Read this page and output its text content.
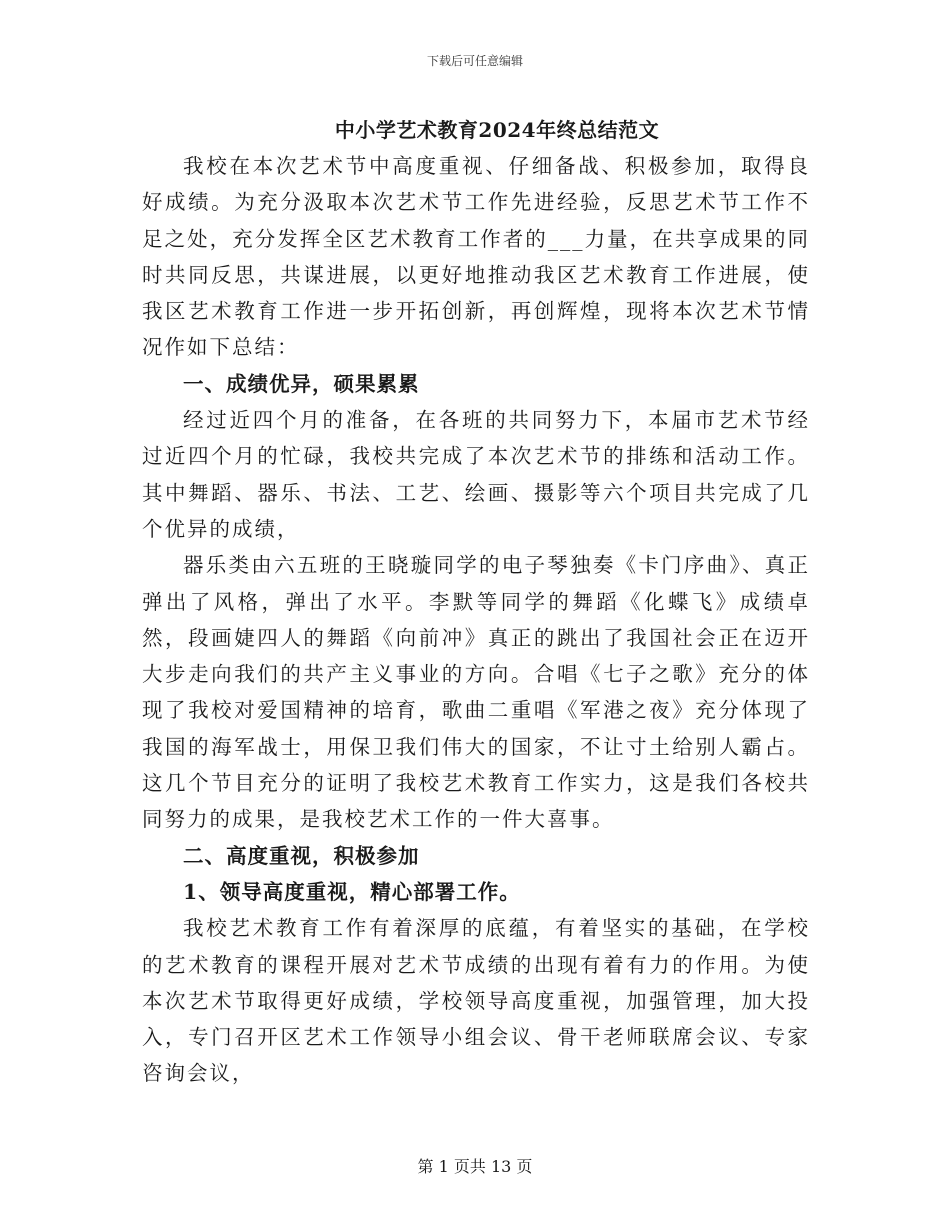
下载后可任意编辑
中小学艺术教育2024年终总结范文

我校在本次艺术节中高度重视、仔细备战、积极参加，取得良好成绩。为充分汲取本次艺术节工作先进经验，反思艺术节工作不足之处，充分发挥全区艺术教育工作者的___力量，在共享成果的同时共同反思，共谋进展，以更好地推动我区艺术教育工作进展，使我区艺术教育工作进一步开拓创新，再创辉煌，现将本次艺术节情况作如下总结：

一、成绩优异，硕果累累

经过近四个月的准备，在各班的共同努力下，本届市艺术节经过近四个月的忙碌，我校共完成了本次艺术节的排练和活动工作。其中舞蹈、器乐、书法、工艺、绘画、摄影等六个项目共完成了几个优异的成绩，

器乐类由六五班的王晓璇同学的电子琴独奏《卡门序曲》、真正弹出了风格，弹出了水平。李默等同学的舞蹈《化蝶飞》成绩卓然，段画婕四人的舞蹈《向前冲》真正的跳出了我国社会正在迈开大步走向我们的共产主义事业的方向。合唱《七子之歌》充分的体现了我校对爱国精神的培育，歌曲二重唱《军港之夜》充分体现了我国的海军战士，用保卫我们伟大的国家，不让寸土给别人霸占。这几个节目充分的证明了我校艺术教育工作实力，这是我们各校共同努力的成果，是我校艺术工作的一件大喜事。

二、高度重视，积极参加

1、领导高度重视，精心部署工作。

我校艺术教育工作有着深厚的底蕴，有着坚实的基础，在学校的艺术教育的课程开展对艺术节成绩的出现有着有力的作用。为使本次艺术节取得更好成绩，学校领导高度重视，加强管理，加大投入，专门召开区艺术工作领导小组会议、骨干老师联席会议、专家咨询会议，

第 1 页共 13 页
